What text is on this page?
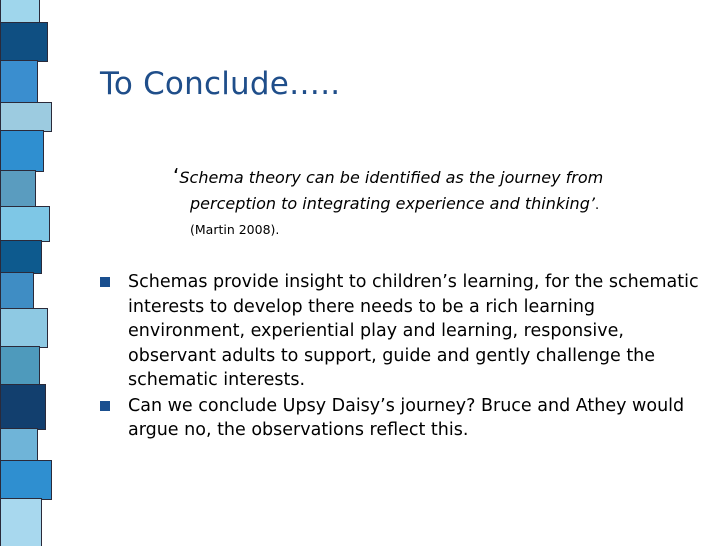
To Conclude…..
‘Schema theory can be identified as the journey from
perception to integrating experience and thinking’.
(Martin 2008).
Schemas provide insight to children’s learning, for the schematic interests to develop there needs to be a rich learning environment, experiential play and learning, responsive, observant adults to support, guide and gently challenge the schematic interests.
Can we conclude Upsy Daisy’s journey? Bruce and Athey would argue no, the observations reflect this.
